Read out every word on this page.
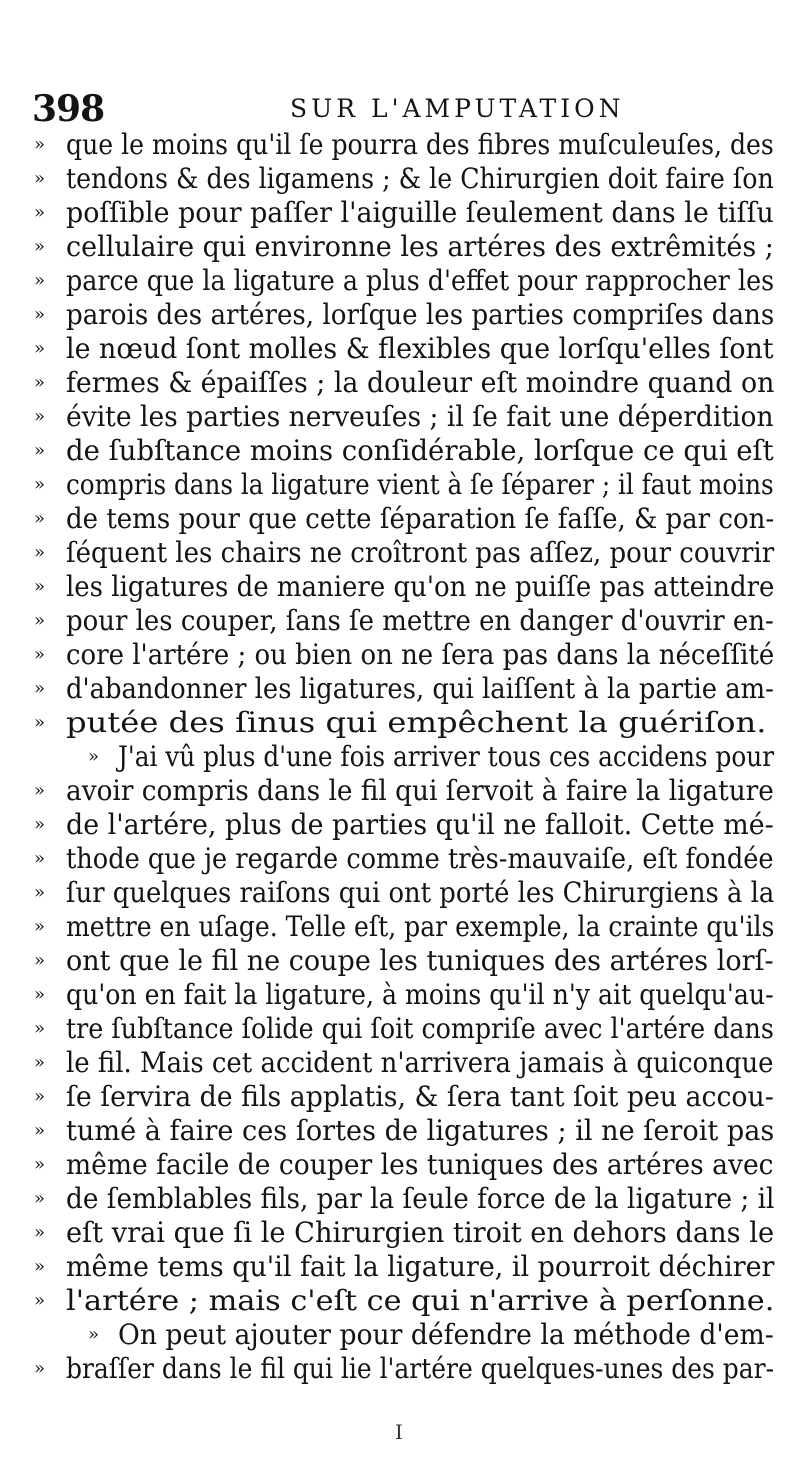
398	SUR L'AMPUTATION
» que le moins qu'il ſe pourra des fibres muſculeuſes, des
» tendons & des ligamens ; & le Chirurgien doit faire ſon
» poſſible pour paſſer l'aiguille ſeulement dans le tiſſu
» cellulaire qui environne les artéres des extrêmités ;
» parce que la ligature a plus d'effet pour rapprocher les
» parois des artéres, lorſque les parties compriſes dans
» le nœud ſont molles & flexibles que lorſqu'elles ſont
» fermes & épaiſſes ; la douleur eſt moindre quand on
» évite les parties nerveuſes ; il ſe fait une déperdition
» de ſubſtance moins conſidérable, lorſque ce qui eſt
» compris dans la ligature vient à ſe ſéparer ; il faut moins
» de tems pour que cette ſéparation ſe faſſe, & par con-
» ſéquent les chairs ne croîtront pas aſſez, pour couvrir
» les ligatures de maniere qu'on ne puiſſe pas atteindre
» pour les couper, ſans ſe mettre en danger d'ouvrir en-
» core l'artére ; ou bien on ne ſera pas dans la néceſſité
» d'abandonner les ligatures, qui laiſſent à la partie am-
» putée des ſinus qui empêchent la guériſon.
» J'ai vû plus d'une fois arriver tous ces accidens pour
» avoir compris dans le fil qui ſervoit à faire la ligature
» de l'artére, plus de parties qu'il ne falloit. Cette mé-
» thode que je regarde comme très-mauvaiſe, eſt fondée
» ſur quelques raiſons qui ont porté les Chirurgiens à la
» mettre en uſage. Telle eſt, par exemple, la crainte qu'ils
» ont que le fil ne coupe les tuniques des artéres lorſ-
» qu'on en fait la ligature, à moins qu'il n'y ait quelqu'au-
» tre ſubſtance ſolide qui ſoit compriſe avec l'artére dans
» le fil. Mais cet accident n'arrivera jamais à quiconque
» ſe ſervira de fils applatis, & ſera tant ſoit peu accou-
» tumé à faire ces ſortes de ligatures ; il ne ſeroit pas
» même facile de couper les tuniques des artéres avec
» de ſemblables fils, par la ſeule force de la ligature ; il
» eſt vrai que ſi le Chirurgien tiroit en dehors dans le
» même tems qu'il fait la ligature, il pourroit déchirer
» l'artére ; mais c'eſt ce qui n'arrive à perſonne.
» On peut ajouter pour défendre la méthode d'em-
» braſſer dans le fil qui lie l'artére quelques-unes des par-
I
